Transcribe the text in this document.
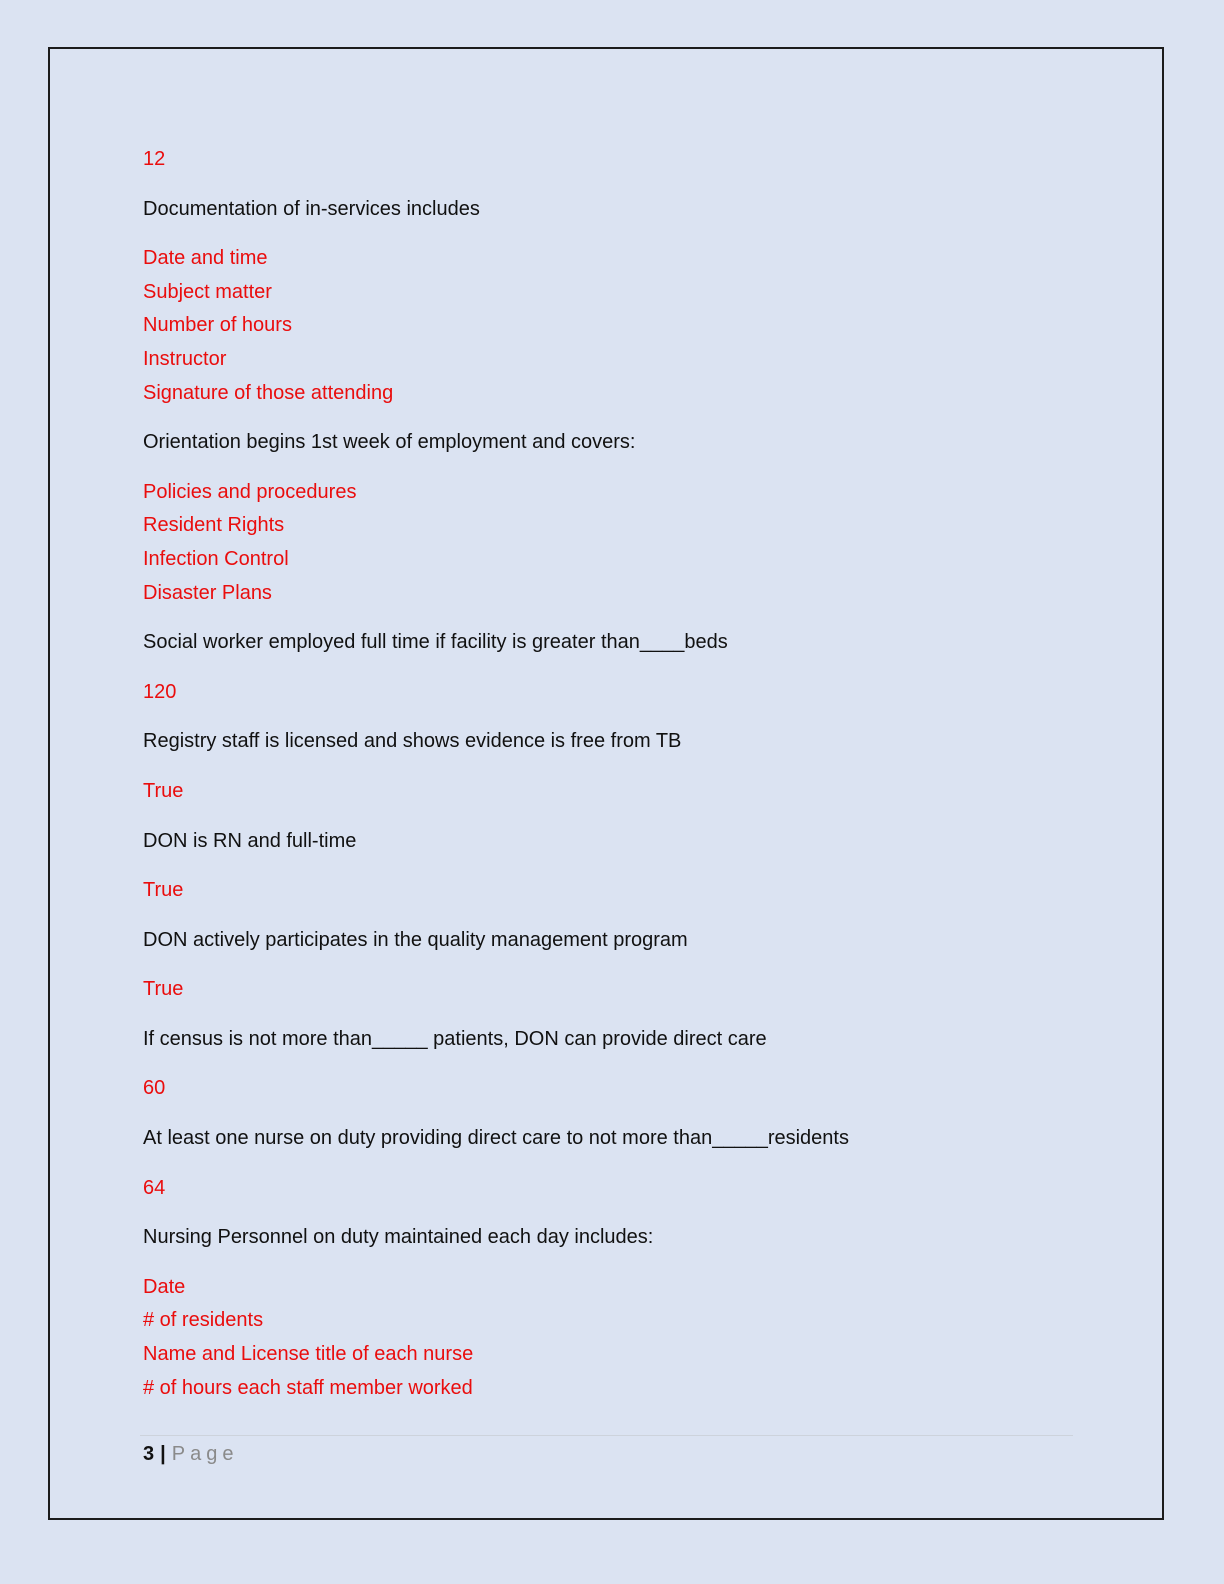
12
Documentation of in-services includes
Date and time
Subject matter
Number of hours
Instructor
Signature of those attending
Orientation begins 1st week of employment and covers:
Policies and procedures
Resident Rights
Infection Control
Disaster Plans
Social worker employed full time if facility is greater than____beds
120
Registry staff is licensed and shows evidence is free from TB
True
DON is RN and full-time
True
DON actively participates in the quality management program
True
If census is not more than_____ patients, DON can provide direct care
60
At least one nurse on duty providing direct care to not more than_____residents
64
Nursing Personnel on duty maintained each day includes:
Date
# of residents
Name and License title of each nurse
# of hours each staff member worked
3 | Page
